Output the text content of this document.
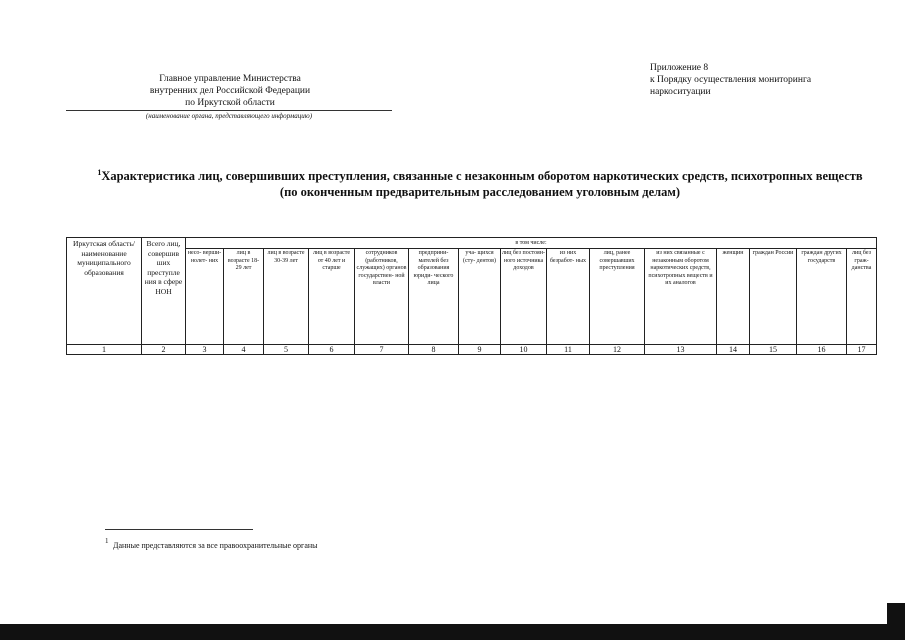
Главное управление Министерства
внутренних дел Российской Федерации
по Иркутской области
(наименование органа, представляющего информацию)
Приложение 8
к Порядку осуществления мониторинга
наркоситуации
$^1$Характеристика лиц, совершивших преступления, связанные с незаконным оборотом наркотических средств, психотропных веществ
(по оконченным предварительным расследованием уголовным делам)
Иркутская область/ наименование муниципального образования	Всего лиц, совершив ших преступле ния в сфере НОН	в том числе:														
		несо- верши- нолет- них	лиц в возрасте 18-29 лет	лиц в возрасте 30-39 лет	лиц в возрасте от 40 лет и старше	сотрудников (работников, служащих) органов государствен- ной власти	предприни- мателей без образования юриди- ческого лица	уча- щихся (сту- дентов)	лиц без постоян- ного источника доходов	из них безработ- ных	лиц, ранее совершавших преступления	из них связанные с незаконным оборотом наркотических средств, психотропных веществ и их аналогов	женщин	граждан России	граждан других государств	лиц без граж- данства
1	2	3	4	5	6	7	8	9	10	11	12	13	14	15	16	17
1 Данные представляются за все правоохранительные органы
